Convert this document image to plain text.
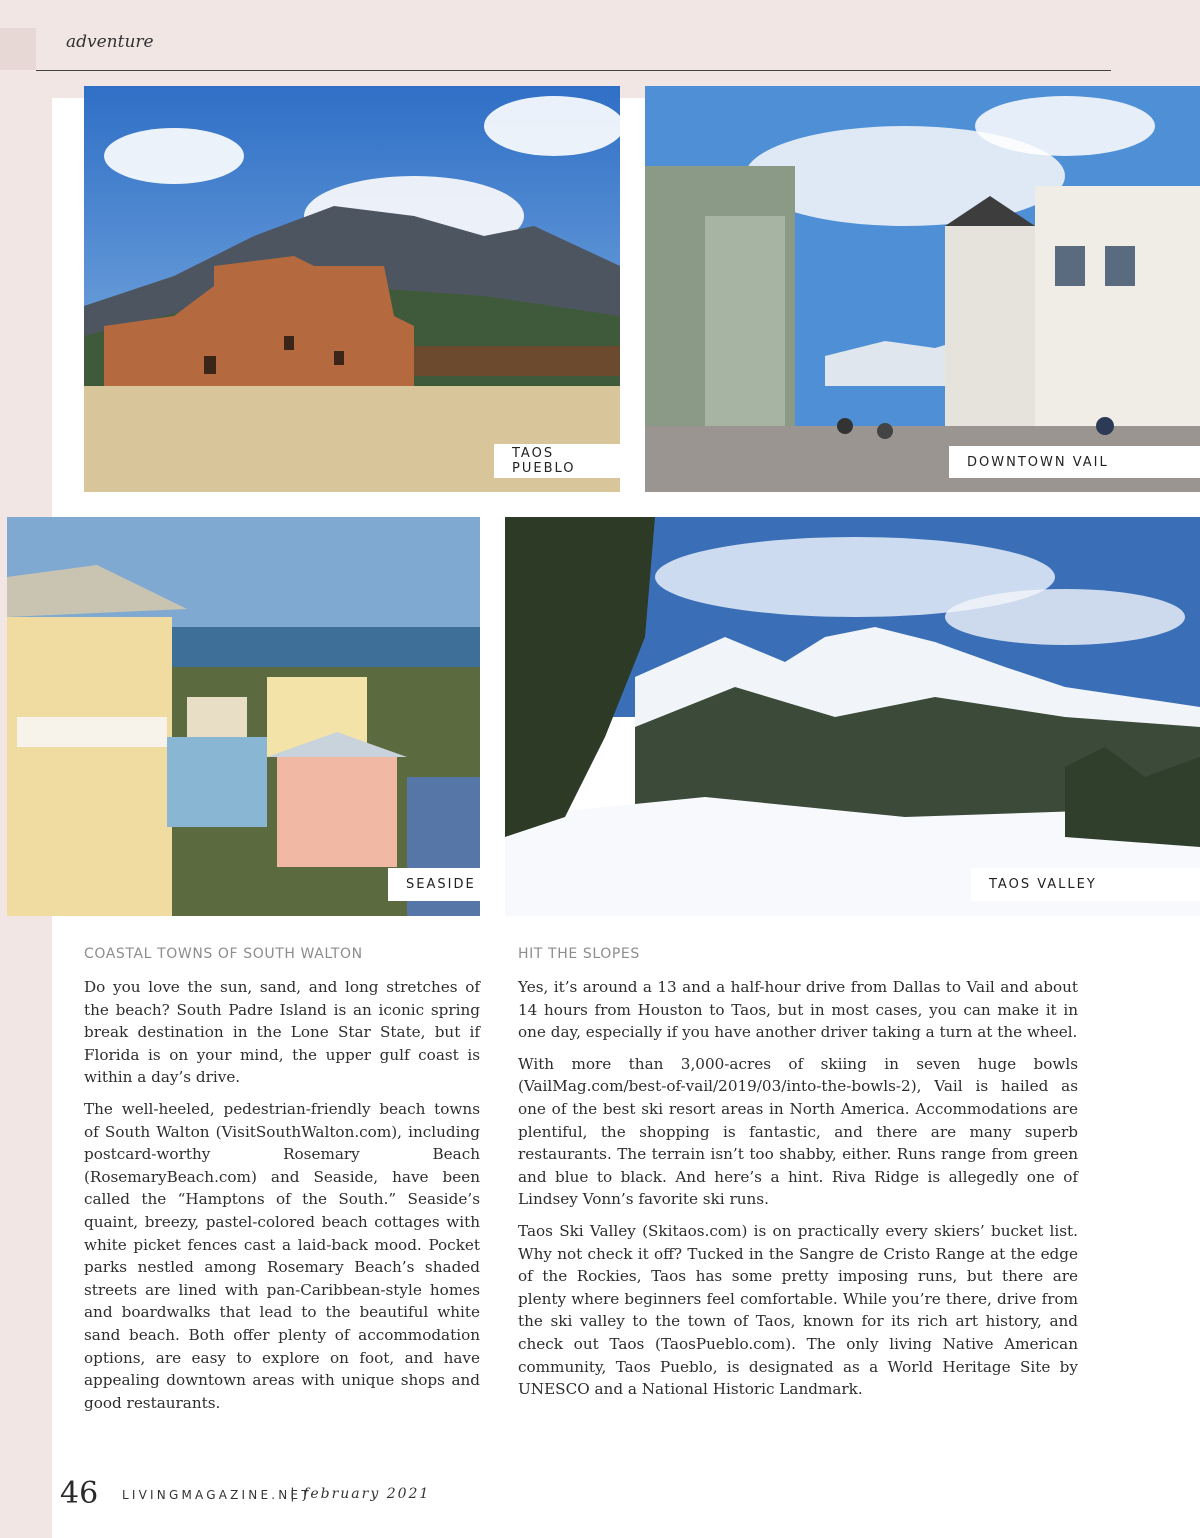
adventure
TAOS PUEBLO	DOWNTOWN VAIL
SEASIDE	TAOS VALLEY
COASTAL TOWNS OF SOUTH WALTON

Do you love the sun, sand, and long stretches of the beach? South Padre Island is an iconic spring break destination in the Lone Star State, but if Florida is on your mind, the upper gulf coast is within a day’s drive.

The well-heeled, pedestrian-friendly beach towns of South Walton (VisitSouthWalton.com), including postcard-worthy Rosemary Beach (RosemaryBeach.com) and Seaside, have been called the “Hamptons of the South.” Seaside’s quaint, breezy, pastel-colored beach cottages with white picket fences cast a laid-back mood. Pocket parks nestled among Rosemary Beach’s shaded streets are lined with pan-Caribbean-style homes and boardwalks that lead to the beautiful white sand beach. Both offer plenty of accommodation options, are easy to explore on foot, and have appealing downtown areas with unique shops and good restaurants.

HIT THE SLOPES

Yes, it’s around a 13 and a half-hour drive from Dallas to Vail and about 14 hours from Houston to Taos, but in most cases, you can make it in one day, especially if you have another driver taking a turn at the wheel.

With more than 3,000-acres of skiing in seven huge bowls (VailMag.com/best-of-vail/2019/03/into-the-bowls-2), Vail is hailed as one of the best ski resort areas in North America. Accommodations are plentiful, the shopping is fantastic, and there are many superb restaurants. The terrain isn’t too shabby, either. Runs range from green and blue to black. And here’s a hint. Riva Ridge is allegedly one of Lindsey Vonn’s favorite ski runs.

Taos Ski Valley (Skitaos.com) is on practically every skiers’ bucket list. Why not check it off? Tucked in the Sangre de Cristo Range at the edge of the Rockies, Taos has some pretty imposing runs, but there are plenty where beginners feel comfortable. While you’re there, drive from the ski valley to the town of Taos, known for its rich art history, and check out Taos (TaosPueblo.com). The only living Native American community, Taos Pueblo, is designated as a World Heritage Site by UNESCO and a National Historic Landmark.

46 LIVINGMAGAZINE.NET
| february 2021
